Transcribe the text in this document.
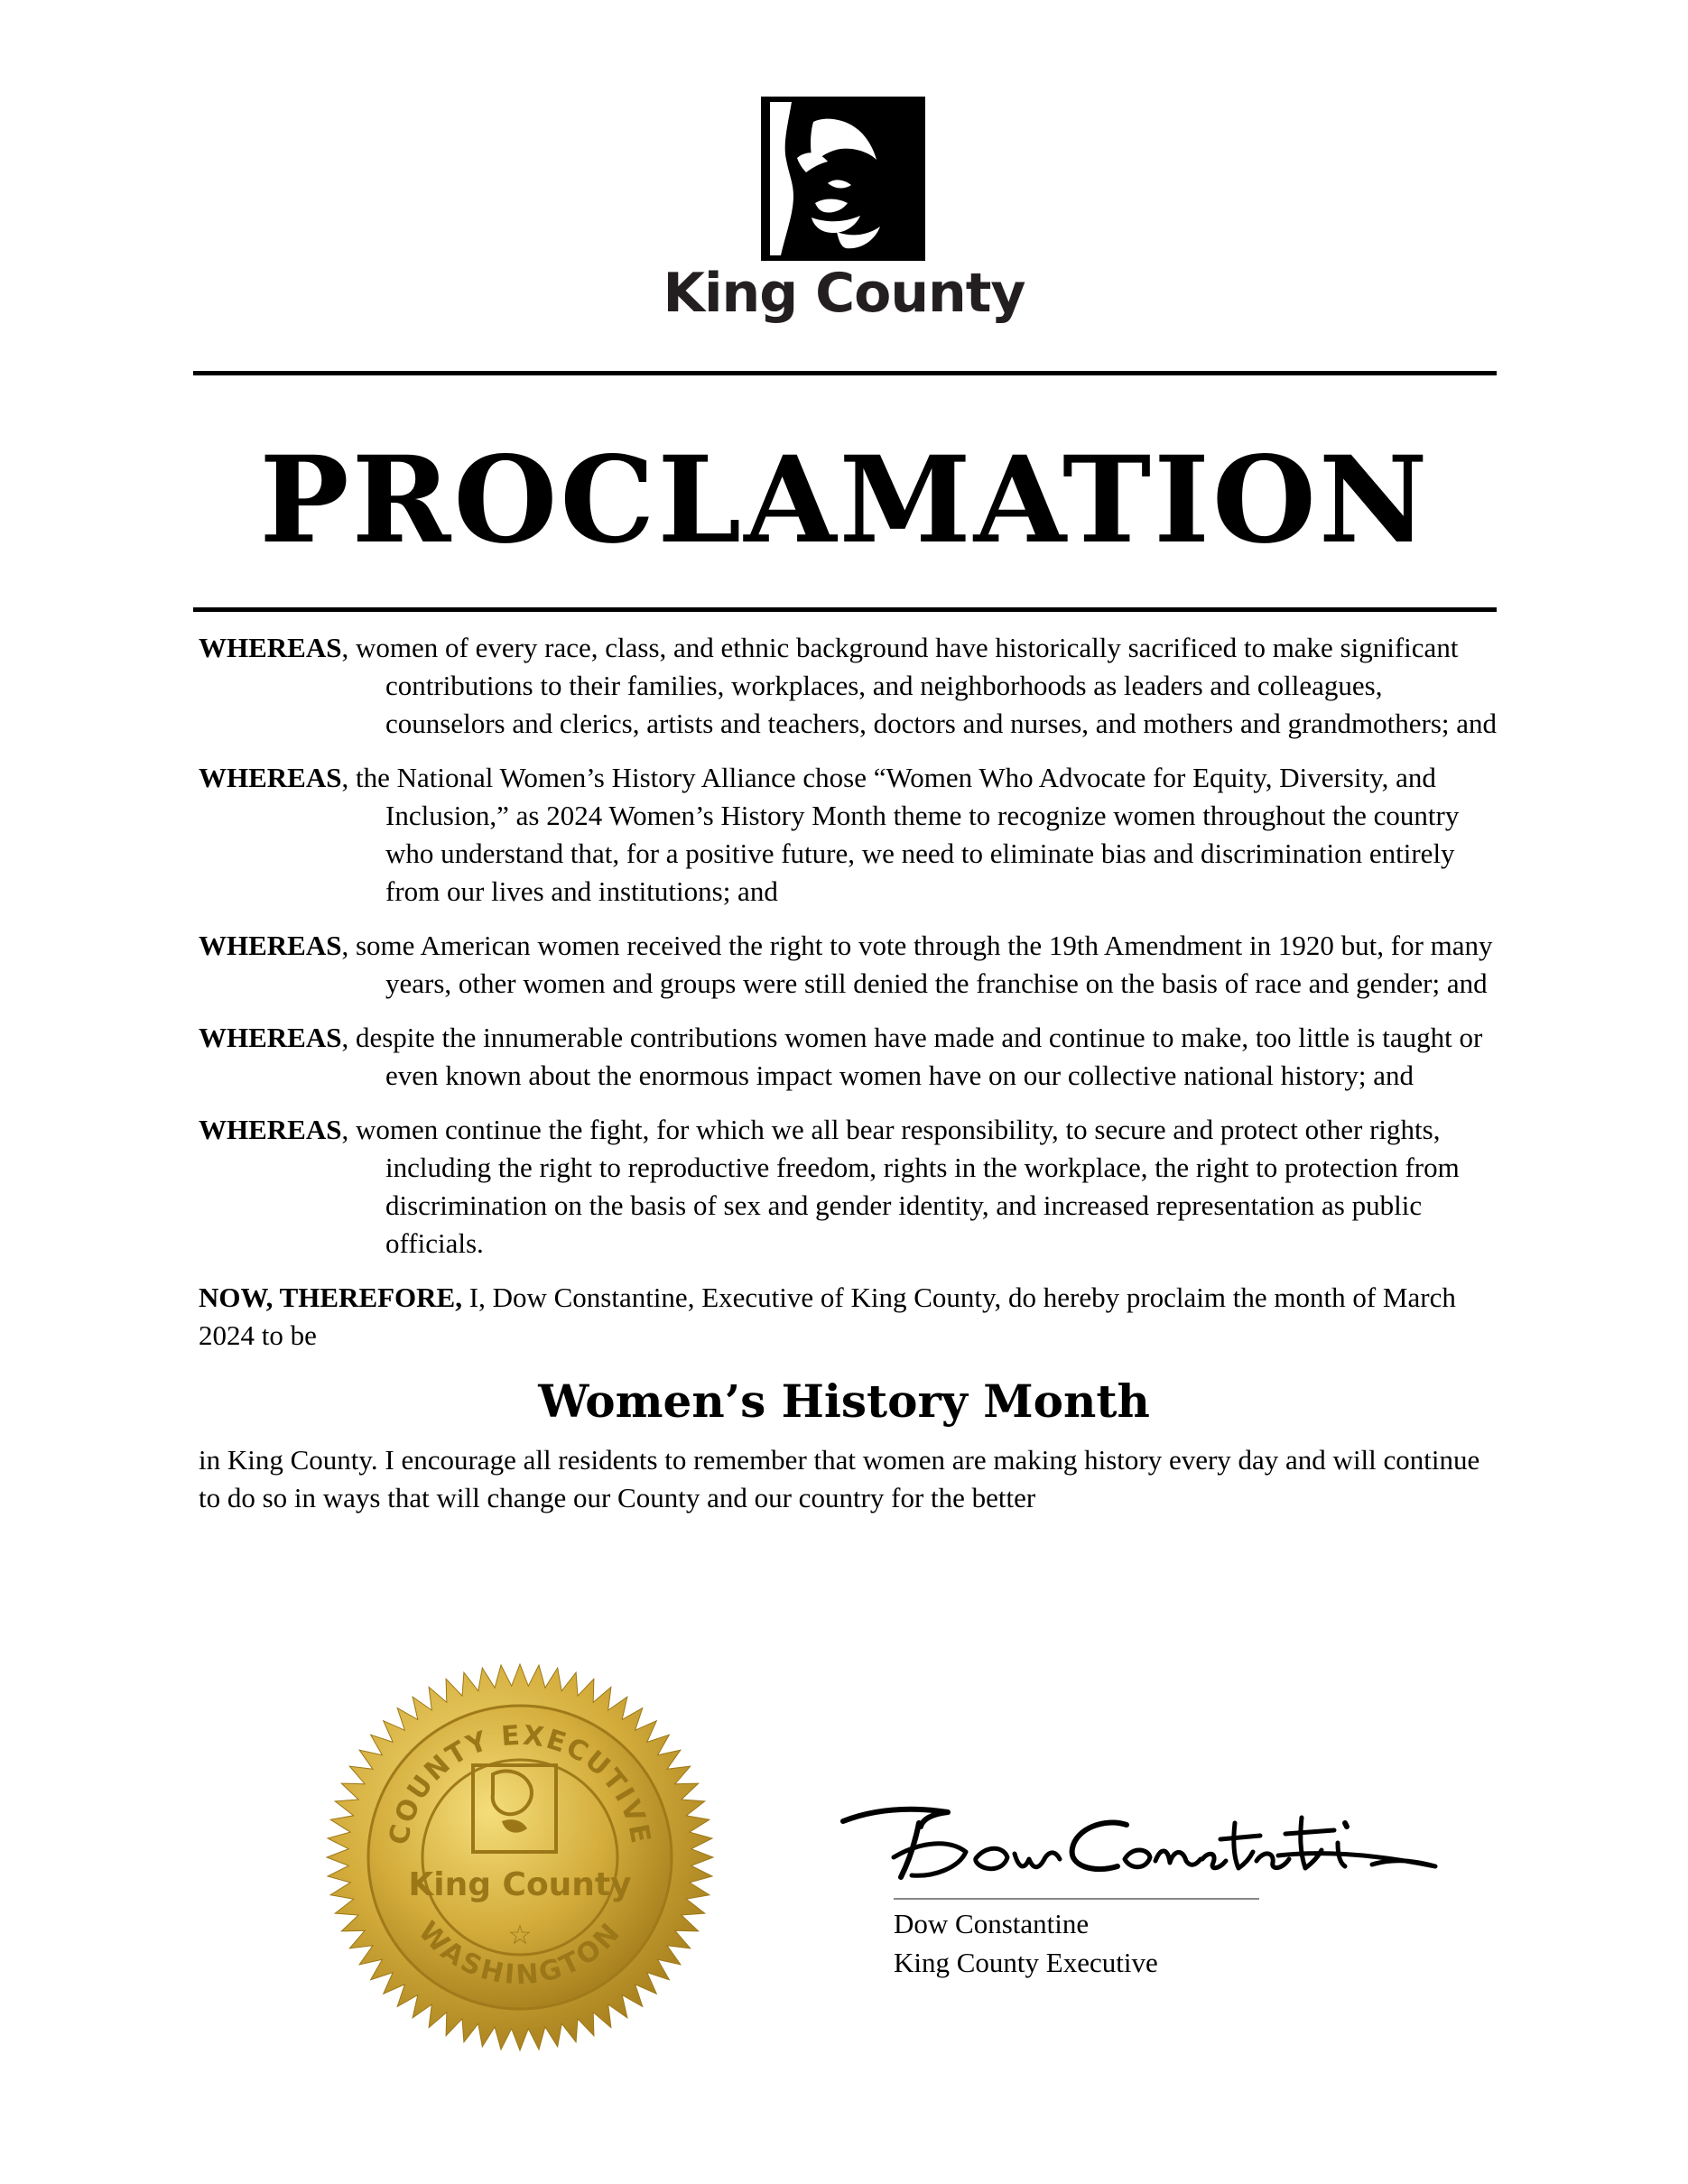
King County
PROCLAMATION

WHEREAS, women of every race, class, and ethnic background have historically sacrificed to make significant contributions to their families, workplaces, and neighborhoods as leaders and colleagues, counselors and clerics, artists and teachers, doctors and nurses, and mothers and grandmothers; and

WHEREAS, the National Women’s History Alliance chose “Women Who Advocate for Equity, Diversity, and Inclusion,” as 2024 Women’s History Month theme to recognize women throughout the country who understand that, for a positive future, we need to eliminate bias and discrimination entirely from our lives and institutions; and

WHEREAS, some American women received the right to vote through the 19th Amendment in 1920 but, for many years, other women and groups were still denied the franchise on the basis of race and gender; and

WHEREAS, despite the innumerable contributions women have made and continue to make, too little is taught or even known about the enormous impact women have on our collective national history; and

WHEREAS, women continue the fight, for which we all bear responsibility, to secure and protect other rights, including the right to reproductive freedom, rights in the workplace, the right to protection from discrimination on the basis of sex and gender identity, and increased representation as public officials.

NOW, THEREFORE, I, Dow Constantine, Executive of King County, do hereby proclaim the month of March 2024 to be

Women’s History Month

in King County. I encourage all residents to remember that women are making history every day and will continue to do so in ways that will change our County and our country for the better

COUNTY EXECUTIVE
WASHINGTON
King County
☆	Dow Constantine
King County Executive
